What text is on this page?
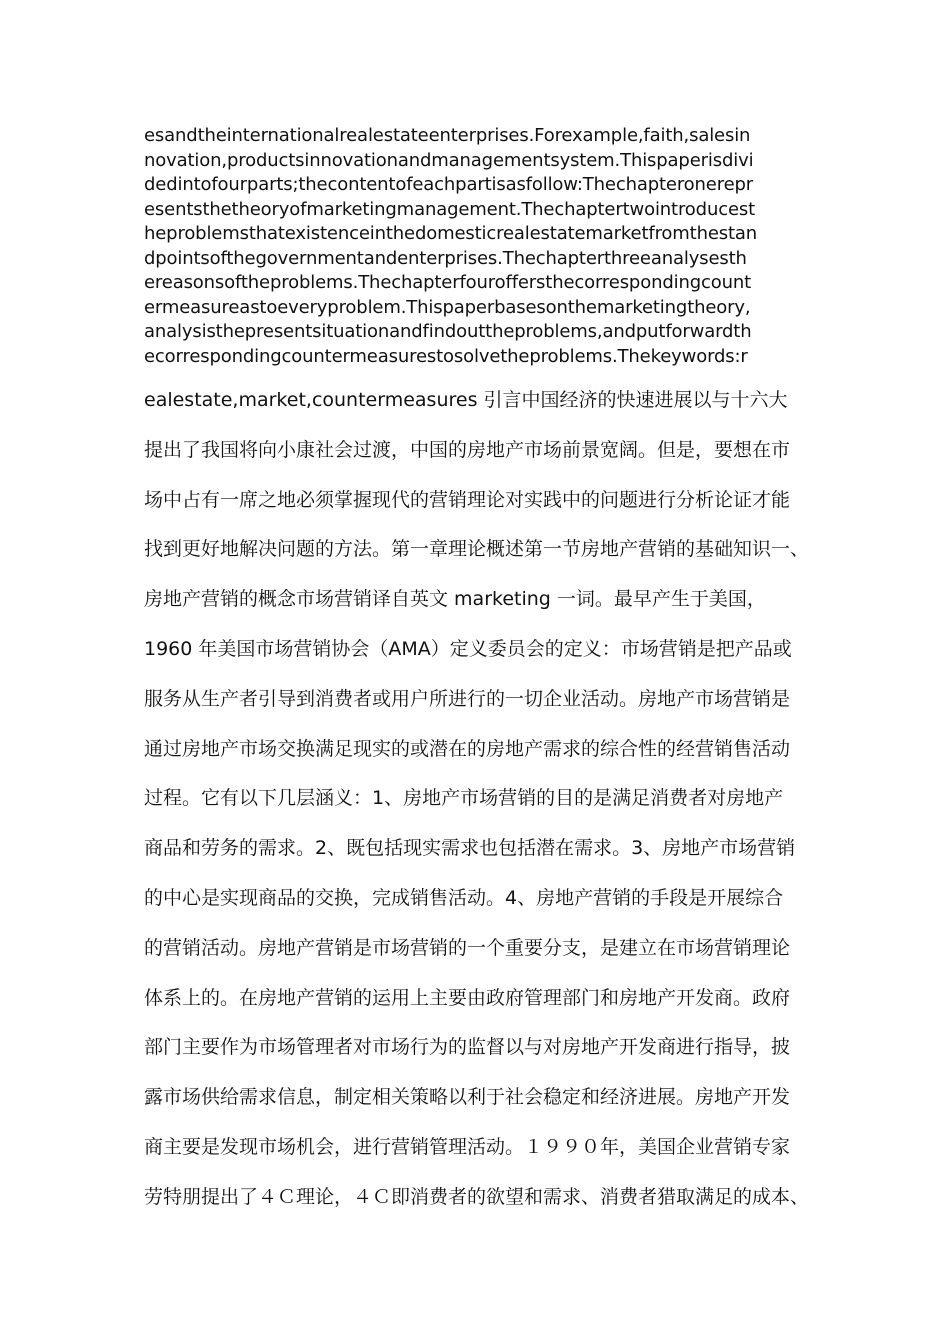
esandtheinternationalrealestateenterprises.Forexample,faith,salesin
novation,productsinnovationandmanagementsystem.Thispaperisdivi
dedintofourparts;thecontentofeachpartisasfollow:Thechapteronerepr
esentsthetheoryofmarketingmanagement.Thechaptertwointroducest
heproblemsthatexistenceinthedomesticrealestatemarketfromthestan
dpointsofthegovernmentandenterprises.Thechapterthreeanalysesth
ereasonsoftheproblems.Thechapterfouroffersthecorrespondingcount
ermeasureastoeveryproblem.Thispaperbasesonthemarketingtheory,
analysisthepresentsituationandfindouttheproblems,andputforwardth
ecorrespondingcountermeasurestosolvetheproblems.Thekeywords:r
ealestate,market,countermeasures 引言中国经济的快速进展以与十六大
提出了我国将向小康社会过渡，中国的房地产市场前景宽阔。但是，要想在市
场中占有一席之地必须掌握现代的营销理论对实践中的问题进行分析论证才能
找到更好地解决问题的方法。第一章理论概述第一节房地产营销的基础知识一、
房地产营销的概念市场营销译自英文 marketing 一词。最早产生于美国，
1960 年美国市场营销协会（AMA）定义委员会的定义：市场营销是把产品或
服务从生产者引导到消费者或用户所进行的一切企业活动。房地产市场营销是
通过房地产市场交换满足现实的或潜在的房地产需求的综合性的经营销售活动
过程。它有以下几层涵义：1、房地产市场营销的目的是满足消费者对房地产
商品和劳务的需求。2、既包括现实需求也包括潜在需求。3、房地产市场营销
的中心是实现商品的交换，完成销售活动。4、房地产营销的手段是开展综合
的营销活动。房地产营销是市场营销的一个重要分支，是建立在市场营销理论
体系上的。在房地产营销的运用上主要由政府管理部门和房地产开发商。政府
部门主要作为市场管理者对市场行为的监督以与对房地产开发商进行指导，披
露市场供给需求信息，制定相关策略以利于社会稳定和经济进展。房地产开发
商主要是发现市场机会，进行营销管理活动。１９９０年，美国企业营销专家
劳特朋提出了４Ｃ理论，４Ｃ即消费者的欲望和需求、消费者猎取满足的成本、
